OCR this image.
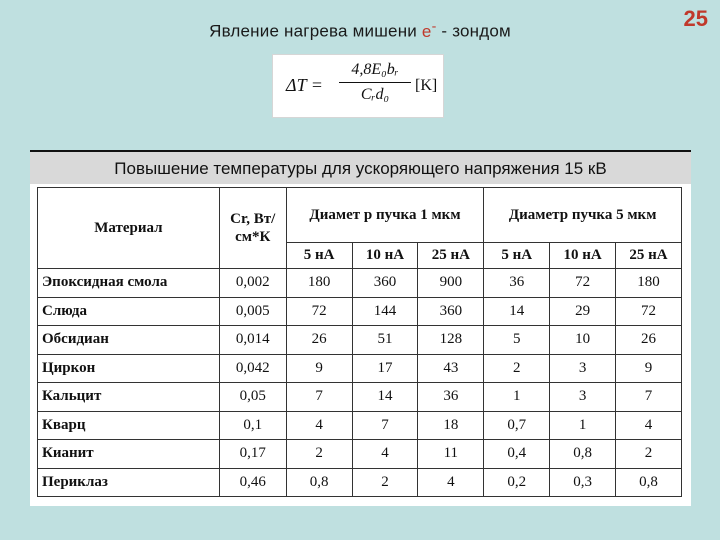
Явление нагрева мишени е- - зондом
25
ΔT =
4,8E₀bᵣ
Cᵣd₀
[K]
Повышение температуры для ускоряющего напряжения 15 кВ
Материал	Cr, Вт/ см*К	Диамет р пучка 1 мкм			Диаметр пучка 5 мкм		
		5 нА	10 нА	25 нА	5 нА	10 нА	25 нА
Эпоксидная смола	0,002	180	360	900	36	72	180
Слюда	0,005	72	144	360	14	29	72
Обсидиан	0,014	26	51	128	5	10	26
Циркон	0,042	9	17	43	2	3	9
Кальцит	0,05	7	14	36	1	3	7
Кварц	0,1	4	7	18	0,7	1	4
Кианит	0,17	2	4	11	0,4	0,8	2
Периклаз	0,46	0,8	2	4	0,2	0,3	0,8
